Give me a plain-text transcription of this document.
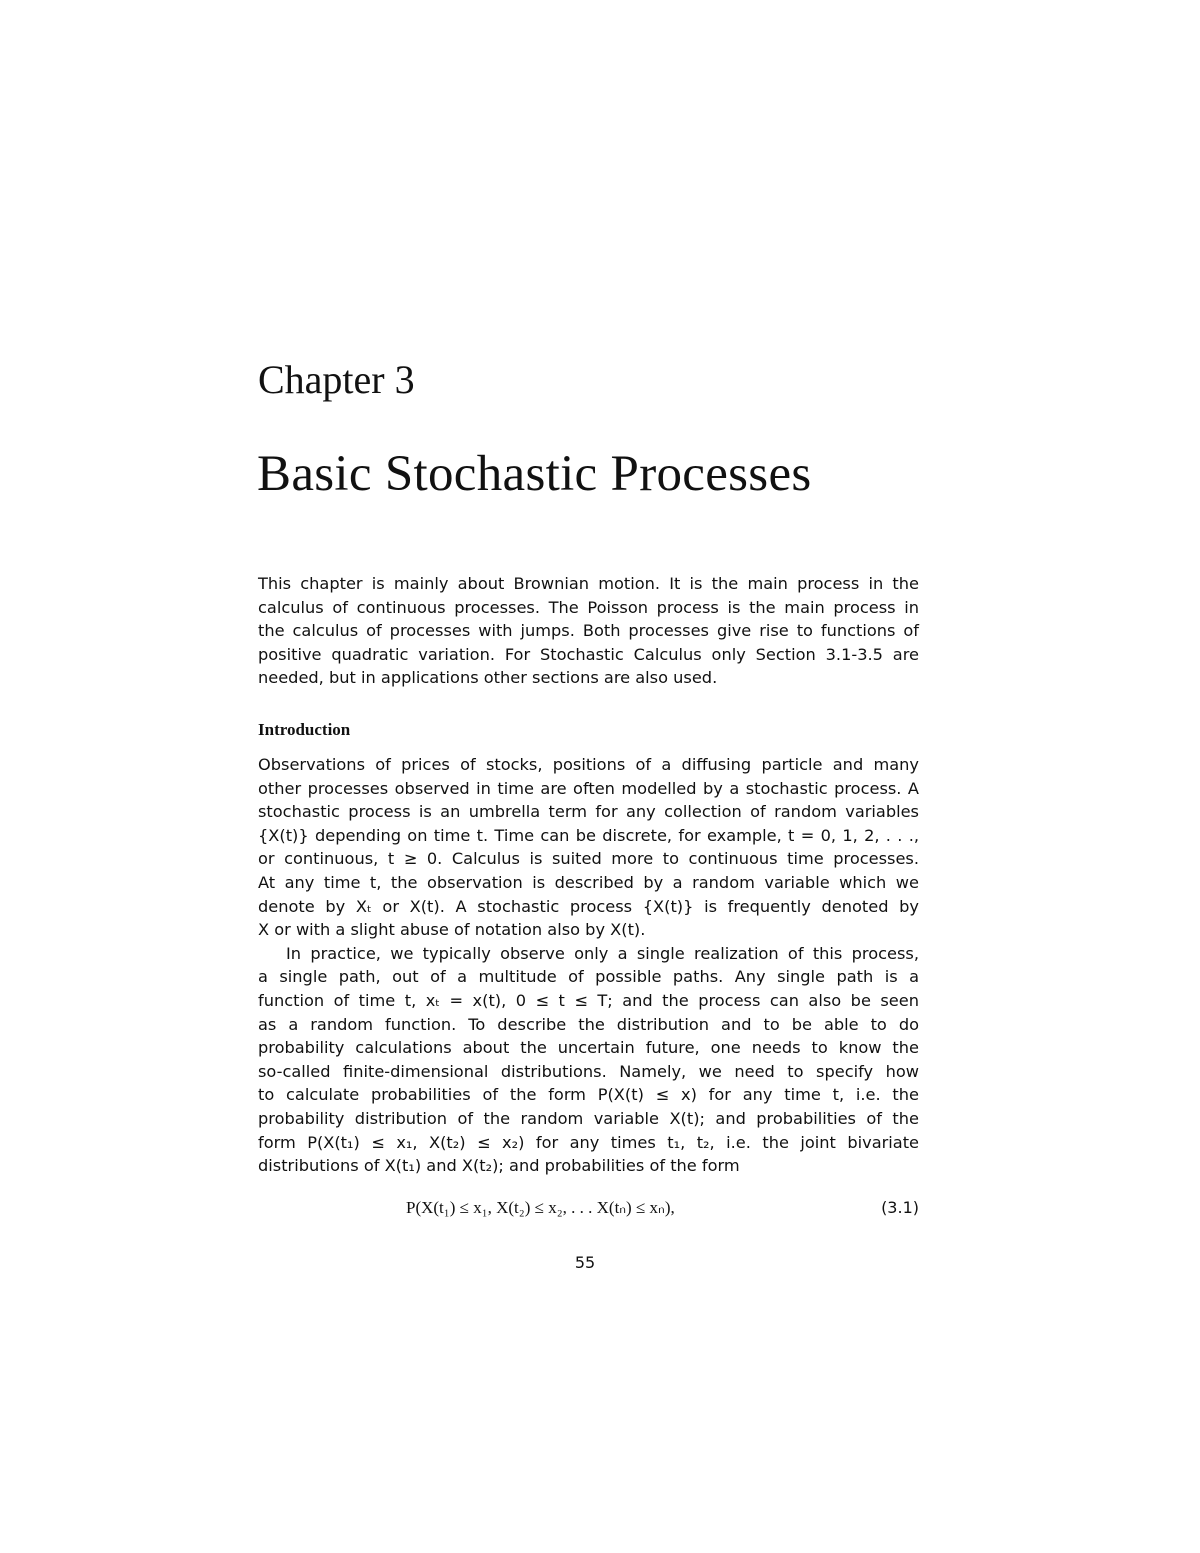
Chapter 3
Basic Stochastic Processes

This chapter is mainly about Brownian motion. It is the main process in the
calculus of continuous processes. The Poisson process is the main process in
the calculus of processes with jumps. Both processes give rise to functions of
positive quadratic variation. For Stochastic Calculus only Section 3.1-3.5 are
needed, but in applications other sections are also used.

Introduction

Observations of prices of stocks, positions of a diffusing particle and many
other processes observed in time are often modelled by a stochastic process. A
stochastic process is an umbrella term for any collection of random variables
{X(t)} depending on time t. Time can be discrete, for example, t = 0, 1, 2, . . .,
or continuous, t ≥ 0. Calculus is suited more to continuous time processes.
At any time t, the observation is described by a random variable which we
denote by Xₜ or X(t). A stochastic process {X(t)} is frequently denoted by
X or with a slight abuse of notation also by X(t).
In practice, we typically observe only a single realization of this process,
a single path, out of a multitude of possible paths. Any single path is a
function of time t, xₜ = x(t), 0 ≤ t ≤ T; and the process can also be seen
as a random function. To describe the distribution and to be able to do
probability calculations about the uncertain future, one needs to know the
so-called finite-dimensional distributions. Namely, we need to specify how
to calculate probabilities of the form P(X(t) ≤ x) for any time t, i.e. the
probability distribution of the random variable X(t); and probabilities of the
form P(X(t₁) ≤ x₁, X(t₂) ≤ x₂) for any times t₁, t₂, i.e. the joint bivariate
distributions of X(t₁) and X(t₂); and probabilities of the form

P(X(t₁) ≤ x₁, X(t₂) ≤ x₂, . . . X(tₙ) ≤ xₙ),	(3.1)
55
